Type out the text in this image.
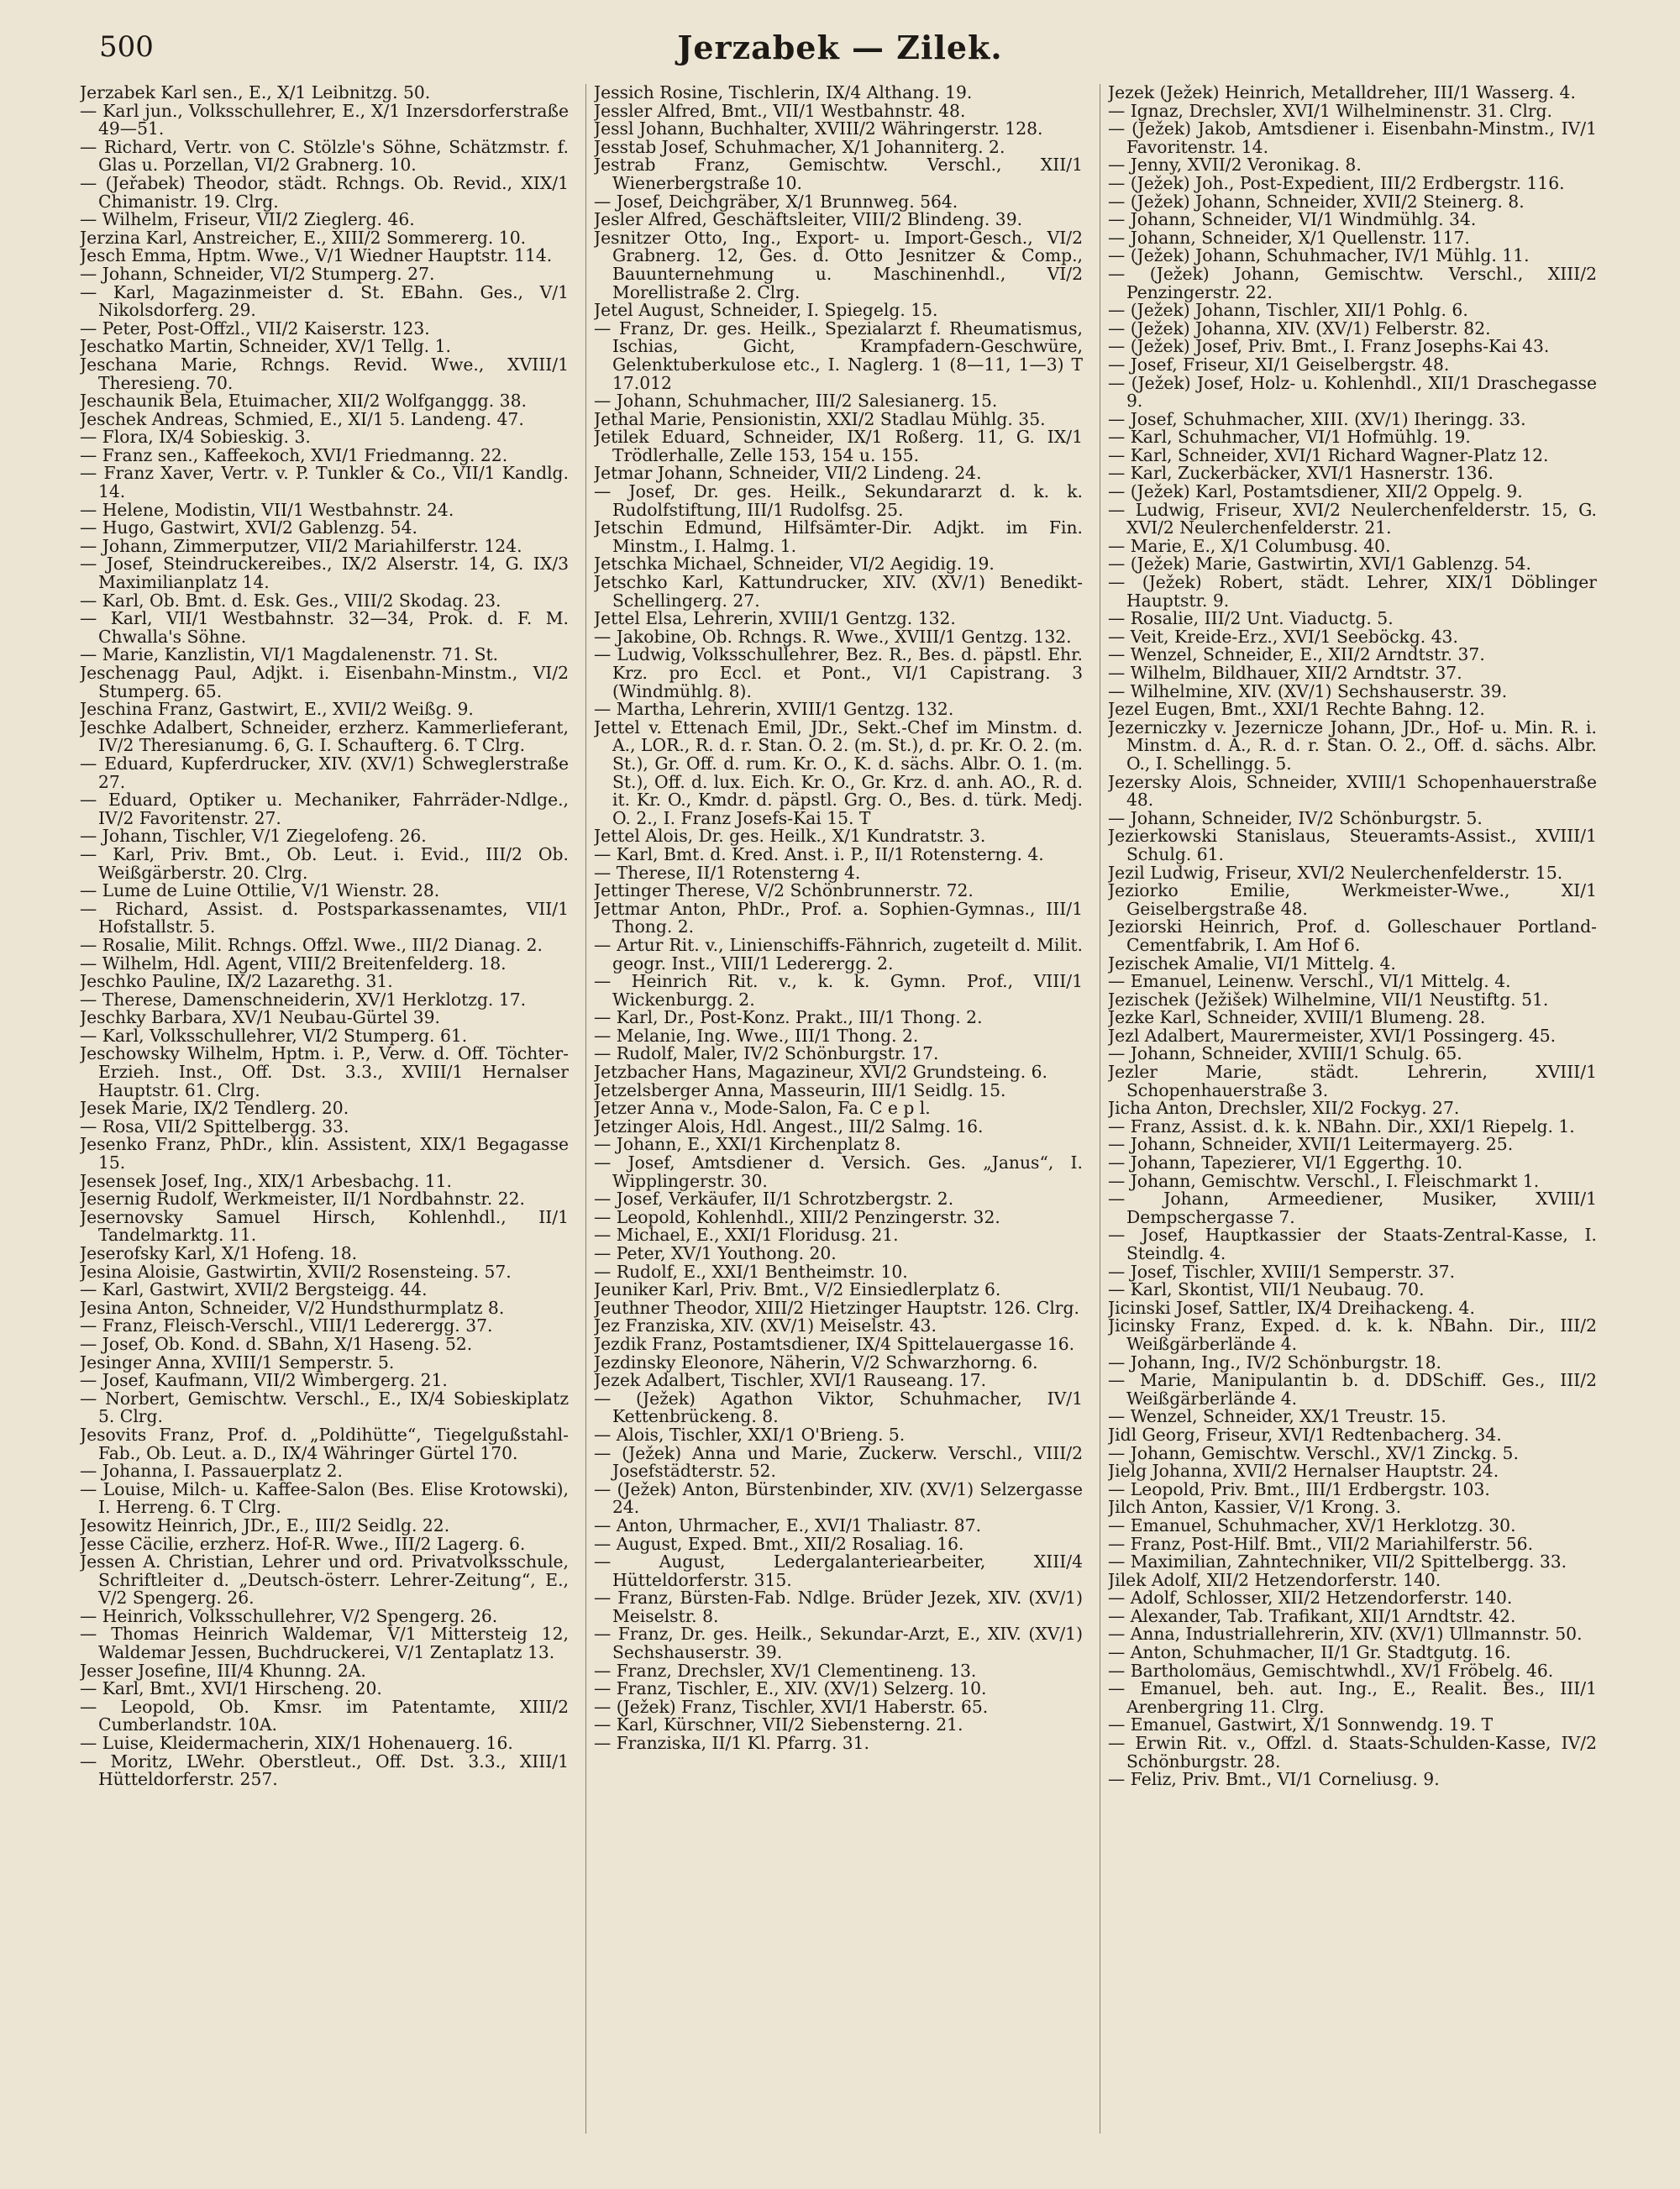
500	Jerzabek — Zilek.

Jerzabek Karl sen., E., X/1 Leibnitzg. 50.

— Karl jun., Volksschullehrer, E., X/1 Inzersdorferstraße 49—51.

— Richard, Vertr. von C. Stölzle's Söhne, Schätzmstr. f. Glas u. Porzellan, VI/2 Grabnerg. 10.

— (Jeřabek) Theodor, städt. Rchngs. Ob. Revid., XIX/1 Chimanistr. 19. Clrg.

— Wilhelm, Friseur, VII/2 Zieglerg. 46.

Jerzina Karl, Anstreicher, E., XIII/2 Sommererg. 10.

Jesch Emma, Hptm. Wwe., V/1 Wiedner Hauptstr. 114.

— Johann, Schneider, VI/2 Stumperg. 27.

— Karl, Magazinmeister d. St. EBahn. Ges., V/1 Nikolsdorferg. 29.

— Peter, Post-Offzl., VII/2 Kaiserstr. 123.

Jeschatko Martin, Schneider, XV/1 Tellg. 1.

Jeschana Marie, Rchngs. Revid. Wwe., XVIII/1 Theresieng. 70.

Jeschaunik Bela, Etuimacher, XII/2 Wolfganggg. 38.

Jeschek Andreas, Schmied, E., XI/1 5. Landeng. 47.

— Flora, IX/4 Sobieskig. 3.

— Franz sen., Kaffeekoch, XVI/1 Friedmanng. 22.

— Franz Xaver, Vertr. v. P. Tunkler & Co., VII/1 Kandlg. 14.

— Helene, Modistin, VII/1 Westbahnstr. 24.

— Hugo, Gastwirt, XVI/2 Gablenzg. 54.

— Johann, Zimmerputzer, VII/2 Mariahilferstr. 124.

— Josef, Steindruckereibes., IX/2 Alserstr. 14, G. IX/3 Maximilianplatz 14.

— Karl, Ob. Bmt. d. Esk. Ges., VIII/2 Skodag. 23.

— Karl, VII/1 Westbahnstr. 32—34, Prok. d. F. M. Chwalla's Söhne.

— Marie, Kanzlistin, VI/1 Magdalenenstr. 71. St.

Jeschenagg Paul, Adjkt. i. Eisenbahn-Minstm., VI/2 Stumperg. 65.

Jeschina Franz, Gastwirt, E., XVII/2 Weißg. 9.

Jeschke Adalbert, Schneider, erzherz. Kammerlieferant, IV/2 Theresianumg. 6, G. I. Schaufterg. 6. T Clrg.

— Eduard, Kupferdrucker, XIV. (XV/1) Schweglerstraße 27.

— Eduard, Optiker u. Mechaniker, Fahrräder-Ndlge., IV/2 Favoritenstr. 27.

— Johann, Tischler, V/1 Ziegelofeng. 26.

— Karl, Priv. Bmt., Ob. Leut. i. Evid., III/2 Ob. Weißgärberstr. 20. Clrg.

— Lume de Luine Ottilie, V/1 Wienstr. 28.

— Richard, Assist. d. Postsparkassenamtes, VII/1 Hofstallstr. 5.

— Rosalie, Milit. Rchngs. Offzl. Wwe., III/2 Dianag. 2.

— Wilhelm, Hdl. Agent, VIII/2 Breitenfelderg. 18.

Jeschko Pauline, IX/2 Lazarethg. 31.

— Therese, Damenschneiderin, XV/1 Herklotzg. 17.

Jeschky Barbara, XV/1 Neubau-Gürtel 39.

— Karl, Volksschullehrer, VI/2 Stumperg. 61.

Jeschowsky Wilhelm, Hptm. i. P., Verw. d. Off. Töchter-Erzieh. Inst., Off. Dst. 3.3., XVIII/1 Hernalser Hauptstr. 61. Clrg.

Jesek Marie, IX/2 Tendlerg. 20.

— Rosa, VII/2 Spittelbergg. 33.

Jesenko Franz, PhDr., klin. Assistent, XIX/1 Begagasse 15.

Jesensek Josef, Ing., XIX/1 Arbesbachg. 11.

Jesernig Rudolf, Werkmeister, II/1 Nordbahnstr. 22.

Jesernovsky Samuel Hirsch, Kohlenhdl., II/1 Tandelmarktg. 11.

Jeserofsky Karl, X/1 Hofeng. 18.

Jesina Aloisie, Gastwirtin, XVII/2 Rosensteing. 57.

— Karl, Gastwirt, XVII/2 Bergsteigg. 44.

Jesina Anton, Schneider, V/2 Hundsthurmplatz 8.

— Franz, Fleisch-Verschl., VIII/1 Lederergg. 37.

— Josef, Ob. Kond. d. SBahn, X/1 Haseng. 52.

Jesinger Anna, XVIII/1 Semperstr. 5.

— Josef, Kaufmann, VII/2 Wimbergerg. 21.

— Norbert, Gemischtw. Verschl., E., IX/4 Sobieskiplatz 5. Clrg.

Jesovits Franz, Prof. d. „Poldihütte“, Tiegelgußstahl-Fab., Ob. Leut. a. D., IX/4 Währinger Gürtel 170.

— Johanna, I. Passauerplatz 2.

— Louise, Milch- u. Kaffee-Salon (Bes. Elise Krotowski), I. Herreng. 6. T Clrg.

Jesowitz Heinrich, JDr., E., III/2 Seidlg. 22.

Jesse Cäcilie, erzherz. Hof-R. Wwe., III/2 Lagerg. 6.

Jessen A. Christian, Lehrer und ord. Privatvolksschule, Schriftleiter d. „Deutsch-österr. Lehrer-Zeitung“, E., V/2 Spengerg. 26.

— Heinrich, Volksschullehrer, V/2 Spengerg. 26.

— Thomas Heinrich Waldemar, V/1 Mittersteig 12, Waldemar Jessen, Buchdruckerei, V/1 Zentaplatz 13.

Jesser Josefine, III/4 Khunng. 2A.

— Karl, Bmt., XVI/1 Hirscheng. 20.

— Leopold, Ob. Kmsr. im Patentamte, XIII/2 Cumberlandstr. 10A.

— Luise, Kleidermacherin, XIX/1 Hohenauerg. 16.

— Moritz, LWehr. Oberstleut., Off. Dst. 3.3., XIII/1 Hütteldorferstr. 257.

Jessich Rosine, Tischlerin, IX/4 Althang. 19.

Jessler Alfred, Bmt., VII/1 Westbahnstr. 48.

Jessl Johann, Buchhalter, XVIII/2 Währingerstr. 128.

Jesstab Josef, Schuhmacher, X/1 Johanniterg. 2.

Jestrab Franz, Gemischtw. Verschl., XII/1 Wienerbergstraße 10.

— Josef, Deichgräber, X/1 Brunnweg. 564.

Jesler Alfred, Geschäftsleiter, VIII/2 Blindeng. 39.

Jesnitzer Otto, Ing., Export- u. Import-Gesch., VI/2 Grabnerg. 12, Ges. d. Otto Jesnitzer & Comp., Bauunternehmung u. Maschinenhdl., VI/2 Morellistraße 2. Clrg.

Jetel August, Schneider, I. Spiegelg. 15.

— Franz, Dr. ges. Heilk., Spezialarzt f. Rheumatismus, Ischias, Gicht, Krampfadern-Geschwüre, Gelenktuberkulose etc., I. Naglerg. 1 (8—11, 1—3) T 17.012

— Johann, Schuhmacher, III/2 Salesianerg. 15.

Jethal Marie, Pensionistin, XXI/2 Stadlau Mühlg. 35.

Jetilek Eduard, Schneider, IX/1 Roßerg. 11, G. IX/1 Trödlerhalle, Zelle 153, 154 u. 155.

Jetmar Johann, Schneider, VII/2 Lindeng. 24.

— Josef, Dr. ges. Heilk., Sekundararzt d. k. k. Rudolfstiftung, III/1 Rudolfsg. 25.

Jetschin Edmund, Hilfsämter-Dir. Adjkt. im Fin. Minstm., I. Halmg. 1.

Jetschka Michael, Schneider, VI/2 Aegidig. 19.

Jetschko Karl, Kattundrucker, XIV. (XV/1) Benedikt-Schellingerg. 27.

Jettel Elsa, Lehrerin, XVIII/1 Gentzg. 132.

— Jakobine, Ob. Rchngs. R. Wwe., XVIII/1 Gentzg. 132.

— Ludwig, Volksschullehrer, Bez. R., Bes. d. päpstl. Ehr. Krz. pro Eccl. et Pont., VI/1 Capistrang. 3 (Windmühlg. 8).

— Martha, Lehrerin, XVIII/1 Gentzg. 132.

Jettel v. Ettenach Emil, JDr., Sekt.-Chef im Minstm. d. A., LOR., R. d. r. Stan. O. 2. (m. St.), d. pr. Kr. O. 2. (m. St.), Gr. Off. d. rum. Kr. O., K. d. sächs. Albr. O. 1. (m. St.), Off. d. lux. Eich. Kr. O., Gr. Krz. d. anh. AO., R. d. it. Kr. O., Kmdr. d. päpstl. Grg. O., Bes. d. türk. Medj. O. 2., I. Franz Josefs-Kai 15. T

Jettel Alois, Dr. ges. Heilk., X/1 Kundratstr. 3.

— Karl, Bmt. d. Kred. Anst. i. P., II/1 Rotensterng. 4.

— Therese, II/1 Rotensterng 4.

Jettinger Therese, V/2 Schönbrunnerstr. 72.

Jettmar Anton, PhDr., Prof. a. Sophien-Gymnas., III/1 Thong. 2.

— Artur Rit. v., Linienschiffs-Fähnrich, zugeteilt d. Milit. geogr. Inst., VIII/1 Lederergg. 2.

— Heinrich Rit. v., k. k. Gymn. Prof., VIII/1 Wickenburgg. 2.

— Karl, Dr., Post-Konz. Prakt., III/1 Thong. 2.

— Melanie, Ing. Wwe., III/1 Thong. 2.

— Rudolf, Maler, IV/2 Schönburgstr. 17.

Jetzbacher Hans, Magazineur, XVI/2 Grundsteing. 6.

Jetzelsberger Anna, Masseurin, III/1 Seidlg. 15.

Jetzer Anna v., Mode-Salon, Fa. C e p l.

Jetzinger Alois, Hdl. Angest., III/2 Salmg. 16.

— Johann, E., XXI/1 Kirchenplatz 8.

— Josef, Amtsdiener d. Versich. Ges. „Janus“, I. Wipplingerstr. 30.

— Josef, Verkäufer, II/1 Schrotzbergstr. 2.

— Leopold, Kohlenhdl., XIII/2 Penzingerstr. 32.

— Michael, E., XXI/1 Floridusg. 21.

— Peter, XV/1 Youthong. 20.

— Rudolf, E., XXI/1 Bentheimstr. 10.

Jeuniker Karl, Priv. Bmt., V/2 Einsiedlerplatz 6.

Jeuthner Theodor, XIII/2 Hietzinger Hauptstr. 126. Clrg.

Jez Franziska, XIV. (XV/1) Meiselstr. 43.

Jezdik Franz, Postamtsdiener, IX/4 Spittelauergasse 16.

Jezdinsky Eleonore, Näherin, V/2 Schwarzhorng. 6.

Jezek Adalbert, Tischler, XVI/1 Rauseang. 17.

— (Ježek) Agathon Viktor, Schuhmacher, IV/1 Kettenbrückeng. 8.

— Alois, Tischler, XXI/1 O'Brieng. 5.

— (Ježek) Anna und Marie, Zuckerw. Verschl., VIII/2 Josefstädterstr. 52.

— (Ježek) Anton, Bürstenbinder, XIV. (XV/1) Selzergasse 24.

— Anton, Uhrmacher, E., XVI/1 Thaliastr. 87.

— August, Exped. Bmt., XII/2 Rosaliag. 16.

— August, Ledergalanteriearbeiter, XIII/4 Hütteldorferstr. 315.

— Franz, Bürsten-Fab. Ndlge. Brüder Jezek, XIV. (XV/1) Meiselstr. 8.

— Franz, Dr. ges. Heilk., Sekundar-Arzt, E., XIV. (XV/1) Sechshauserstr. 39.

— Franz, Drechsler, XV/1 Clementineng. 13.

— Franz, Tischler, E., XIV. (XV/1) Selzerg. 10.

— (Ježek) Franz, Tischler, XVI/1 Haberstr. 65.

— Karl, Kürschner, VII/2 Siebensterng. 21.

— Franziska, II/1 Kl. Pfarrg. 31.

Jezek (Ježek) Heinrich, Metalldreher, III/1 Wasserg. 4.

— Ignaz, Drechsler, XVI/1 Wilhelminenstr. 31. Clrg.

— (Ježek) Jakob, Amtsdiener i. Eisenbahn-Minstm., IV/1 Favoritenstr. 14.

— Jenny, XVII/2 Veronikag. 8.

— (Ježek) Joh., Post-Expedient, III/2 Erdbergstr. 116.

— (Ježek) Johann, Schneider, XVII/2 Steinerg. 8.

— Johann, Schneider, VI/1 Windmühlg. 34.

— Johann, Schneider, X/1 Quellenstr. 117.

— (Ježek) Johann, Schuhmacher, IV/1 Mühlg. 11.

— (Ježek) Johann, Gemischtw. Verschl., XIII/2 Penzingerstr. 22.

— (Ježek) Johann, Tischler, XII/1 Pohlg. 6.

— (Ježek) Johanna, XIV. (XV/1) Felberstr. 82.

— (Ježek) Josef, Priv. Bmt., I. Franz Josephs-Kai 43.

— Josef, Friseur, XI/1 Geiselbergstr. 48.

— (Ježek) Josef, Holz- u. Kohlenhdl., XII/1 Draschegasse 9.

— Josef, Schuhmacher, XIII. (XV/1) Iheringg. 33.

— Karl, Schuhmacher, VI/1 Hofmühlg. 19.

— Karl, Schneider, XVI/1 Richard Wagner-Platz 12.

— Karl, Zuckerbäcker, XVI/1 Hasnerstr. 136.

— (Ježek) Karl, Postamtsdiener, XII/2 Oppelg. 9.

— Ludwig, Friseur, XVI/2 Neulerchenfelderstr. 15, G. XVI/2 Neulerchenfelderstr. 21.

— Marie, E., X/1 Columbusg. 40.

— (Ježek) Marie, Gastwirtin, XVI/1 Gablenzg. 54.

— (Ježek) Robert, städt. Lehrer, XIX/1 Döblinger Hauptstr. 9.

— Rosalie, III/2 Unt. Viaductg. 5.

— Veit, Kreide-Erz., XVI/1 Seeböckg. 43.

— Wenzel, Schneider, E., XII/2 Arndtstr. 37.

— Wilhelm, Bildhauer, XII/2 Arndtstr. 37.

— Wilhelmine, XIV. (XV/1) Sechshauserstr. 39.

Jezel Eugen, Bmt., XXI/1 Rechte Bahng. 12.

Jezerniczky v. Jezernicze Johann, JDr., Hof- u. Min. R. i. Minstm. d. A., R. d. r. Stan. O. 2., Off. d. sächs. Albr. O., I. Schellingg. 5.

Jezersky Alois, Schneider, XVIII/1 Schopenhauerstraße 48.

— Johann, Schneider, IV/2 Schönburgstr. 5.

Jezierkowski Stanislaus, Steueramts-Assist., XVIII/1 Schulg. 61.

Jezil Ludwig, Friseur, XVI/2 Neulerchenfelderstr. 15.

Jeziorko Emilie, Werkmeister-Wwe., XI/1 Geiselbergstraße 48.

Jeziorski Heinrich, Prof. d. Golleschauer Portland-Cementfabrik, I. Am Hof 6.

Jezischek Amalie, VI/1 Mittelg. 4.

— Emanuel, Leinenw. Verschl., VI/1 Mittelg. 4.

Jezischek (Ježišek) Wilhelmine, VII/1 Neustiftg. 51.

Jezke Karl, Schneider, XVIII/1 Blumeng. 28.

Jezl Adalbert, Maurermeister, XVI/1 Possingerg. 45.

— Johann, Schneider, XVIII/1 Schulg. 65.

Jezler Marie, städt. Lehrerin, XVIII/1 Schopenhauerstraße 3.

Jicha Anton, Drechsler, XII/2 Fockyg. 27.

— Franz, Assist. d. k. k. NBahn. Dir., XXI/1 Riepelg. 1.

— Johann, Schneider, XVII/1 Leitermayerg. 25.

— Johann, Tapezierer, VI/1 Eggerthg. 10.

— Johann, Gemischtw. Verschl., I. Fleischmarkt 1.

— Johann, Armeediener, Musiker, XVIII/1 Dempschergasse 7.

— Josef, Hauptkassier der Staats-Zentral-Kasse, I. Steindlg. 4.

— Josef, Tischler, XVIII/1 Semperstr. 37.

— Karl, Skontist, VII/1 Neubaug. 70.

Jicinski Josef, Sattler, IX/4 Dreihackeng. 4.

Jicinsky Franz, Exped. d. k. k. NBahn. Dir., III/2 Weißgärberlände 4.

— Johann, Ing., IV/2 Schönburgstr. 18.

— Marie, Manipulantin b. d. DDSchiff. Ges., III/2 Weißgärberlände 4.

— Wenzel, Schneider, XX/1 Treustr. 15.

Jidl Georg, Friseur, XVI/1 Redtenbacherg. 34.

— Johann, Gemischtw. Verschl., XV/1 Zinckg. 5.

Jielg Johanna, XVII/2 Hernalser Hauptstr. 24.

— Leopold, Priv. Bmt., III/1 Erdbergstr. 103.

Jilch Anton, Kassier, V/1 Krong. 3.

— Emanuel, Schuhmacher, XV/1 Herklotzg. 30.

— Franz, Post-Hilf. Bmt., VII/2 Mariahilferstr. 56.

— Maximilian, Zahntechniker, VII/2 Spittelbergg. 33.

Jilek Adolf, XII/2 Hetzendorferstr. 140.

— Adolf, Schlosser, XII/2 Hetzendorferstr. 140.

— Alexander, Tab. Trafikant, XII/1 Arndtstr. 42.

— Anna, Industriallehrerin, XIV. (XV/1) Ullmannstr. 50.

— Anton, Schuhmacher, II/1 Gr. Stadtgutg. 16.

— Bartholomäus, Gemischtwhdl., XV/1 Fröbelg. 46.

— Emanuel, beh. aut. Ing., E., Realit. Bes., III/1 Arenbergring 11. Clrg.

— Emanuel, Gastwirt, X/1 Sonnwendg. 19. T

— Erwin Rit. v., Offzl. d. Staats-Schulden-Kasse, IV/2 Schönburgstr. 28.

— Feliz, Priv. Bmt., VI/1 Corneliusg. 9.
